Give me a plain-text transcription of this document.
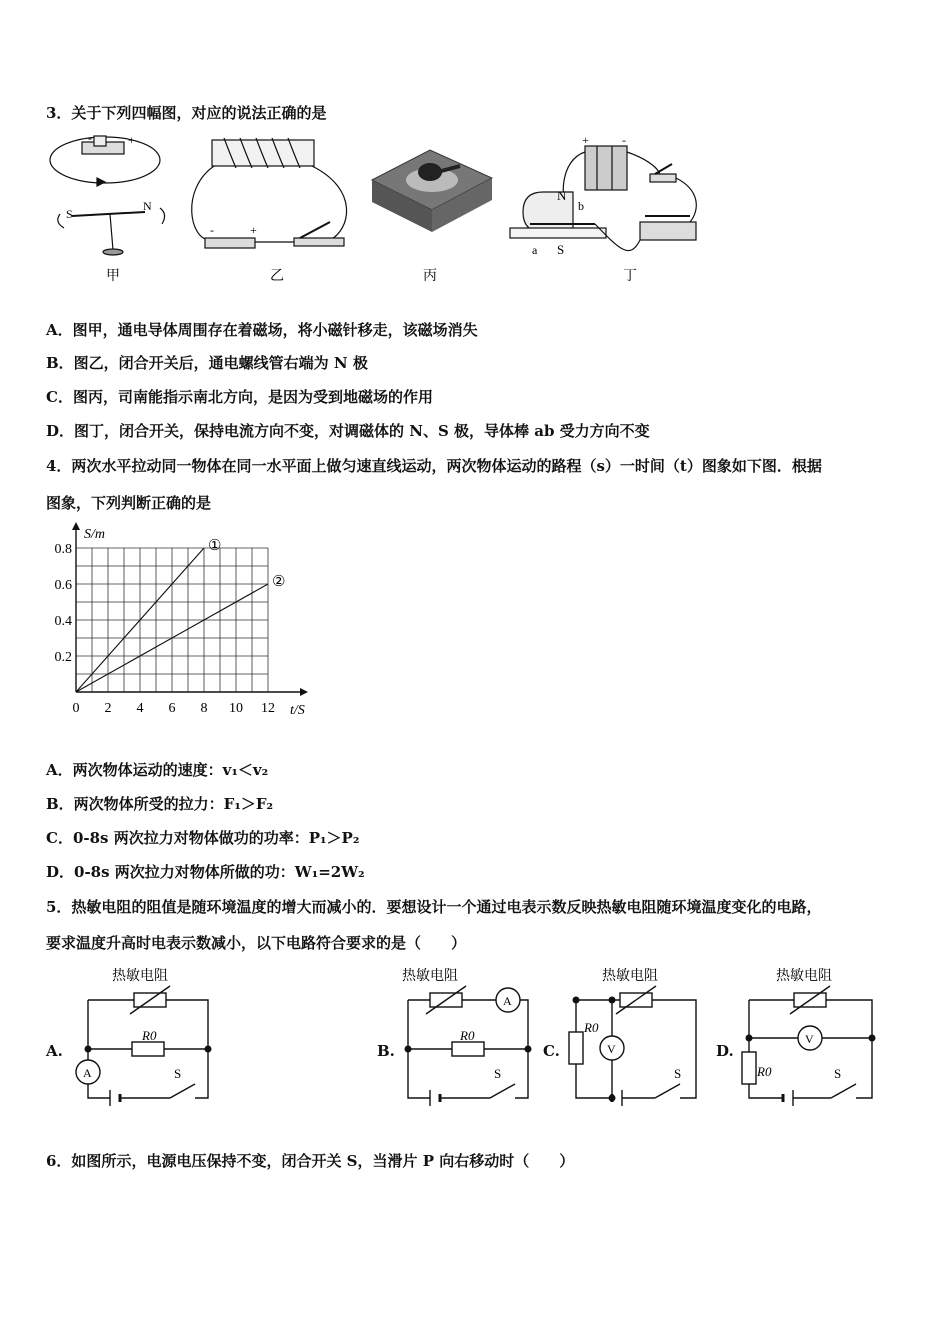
3．关于下列四幅图，对应的说法正确的是
S
N
-	+
-	+
N
S
a
b
+	-
甲	乙	丙	丁
A．图甲，通电导体周围存在着磁场，将小磁针移走，该磁场消失
B．图乙，闭合开关后，通电螺线管右端为 N 极
C．图丙，司南能指示南北方向，是因为受到地磁场的作用
D．图丁，闭合开关，保持电流方向不变，对调磁体的 N、S 极，导体棒 ab 受力方向不变
4．两次水平拉动同一物体在同一水平面上做匀速直线运动，两次物体运动的路程（s）一时间（t）图象如下图．根据
图象，下列判断正确的是
0 2 4 6 8 10 12
0.2
0.4
0.6
0.8
t/S
S/m
①
②
A．两次物体运动的速度：v₁＜v₂
B．两次物体所受的拉力：F₁＞F₂
C．0-8s 两次拉力对物体做功的功率：P₁＞P₂
D．0-8s 两次拉力对物体所做的功：W₁=2W₂
5．热敏电阻的阻值是随环境温度的增大而减小的．要想设计一个通过电表示数反映热敏电阻随环境温度变化的电路，
要求温度升高时电表示数减小，以下电路符合要求的是（　　）
热敏电阻
R0
S
A
热敏电阻
R0
S
A
热敏电阻
R0
S
V
热敏电阻
R0	S
V
A.	B.	C.	D.
6．如图所示，电源电压保持不变，闭合开关 S，当滑片 P 向右移动时（　　）
